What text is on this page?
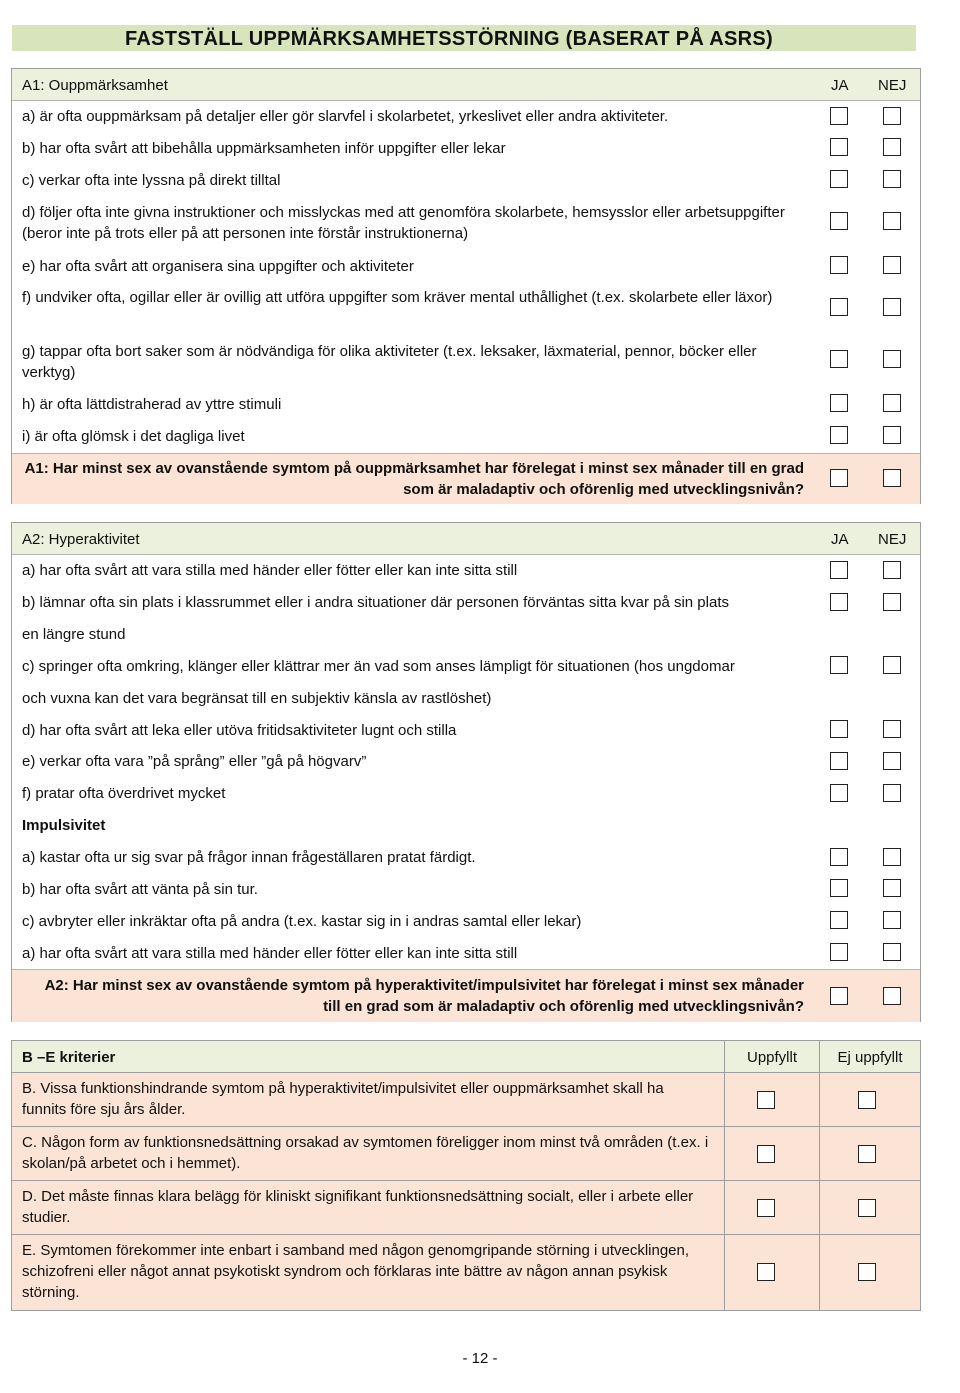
FASTSTÄLL UPPMÄRKSAMHETSSTÖRNING (BASERAT PÅ ASRS)
A1: Ouppmärksamhet	JA NEJ
a) är ofta ouppmärksam på detaljer eller gör slarvfel i skolarbetet, yrkeslivet eller andra aktiviteter.
b) har ofta svårt att bibehålla uppmärksamheten inför uppgifter eller lekar
c) verkar ofta inte lyssna på direkt tilltal
d) följer ofta inte givna instruktioner och misslyckas med att genomföra skolarbete, hemsysslor eller arbetsuppgifter (beror inte på trots eller på att personen inte förstår instruktionerna)
e) har ofta svårt att organisera sina uppgifter och aktiviteter
f) undviker ofta, ogillar eller är ovillig att utföra uppgifter som kräver mental uthållighet (t.ex. skolarbete eller läxor)
g) tappar ofta bort saker som är nödvändiga för olika aktiviteter (t.ex. leksaker, läxmaterial, pennor, böcker eller verktyg)
h) är ofta lättdistraherad av yttre stimuli
i) är ofta glömsk i det dagliga livet
A1: Har minst sex av ovanstående symtom på ouppmärksamhet har förelegat i minst sex månader till en grad som är maladaptiv och oförenlig med utvecklingsnivån?
A2: Hyperaktivitet	JA NEJ
a) har ofta svårt att vara stilla med händer eller fötter eller kan inte sitta still
b) lämnar ofta sin plats i klassrummet eller i andra situationer där personen förväntas sitta kvar på sin plats
en längre stund
c) springer ofta omkring, klänger eller klättrar mer än vad som anses lämpligt för situationen (hos ungdomar
och vuxna kan det vara begränsat till en subjektiv känsla av rastlöshet)
d) har ofta svårt att leka eller utöva fritidsaktiviteter lugnt och stilla
e) verkar ofta vara ”på språng” eller ”gå på högvarv”
f) pratar ofta överdrivet mycket
Impulsivitet
a) kastar ofta ur sig svar på frågor innan frågeställaren pratat färdigt.
b) har ofta svårt att vänta på sin tur.
c) avbryter eller inkräktar ofta på andra (t.ex. kastar sig in i andras samtal eller lekar)
a) har ofta svårt att vara stilla med händer eller fötter eller kan inte sitta still
A2: Har minst sex av ovanstående symtom på hyperaktivitet/impulsivitet har förelegat i minst sex månader till en grad som är maladaptiv och oförenlig med utvecklingsnivån?
B –E kriterier	Uppfyllt	Ej uppfyllt
B. Vissa funktionshindrande symtom på hyperaktivitet/impulsivitet eller ouppmärksamhet skall ha funnits före sju års ålder.
C. Någon form av funktionsnedsättning orsakad av symtomen föreligger inom minst två områden (t.ex. i skolan/på arbetet och i hemmet).
D. Det måste finnas klara belägg för kliniskt signifikant funktionsnedsättning socialt, eller i arbete eller studier.
E. Symtomen förekommer inte enbart i samband med någon genomgripande störning i utvecklingen, schizofreni eller något annat psykotiskt syndrom och förklaras inte bättre av någon annan psykisk störning.
- 12 -
